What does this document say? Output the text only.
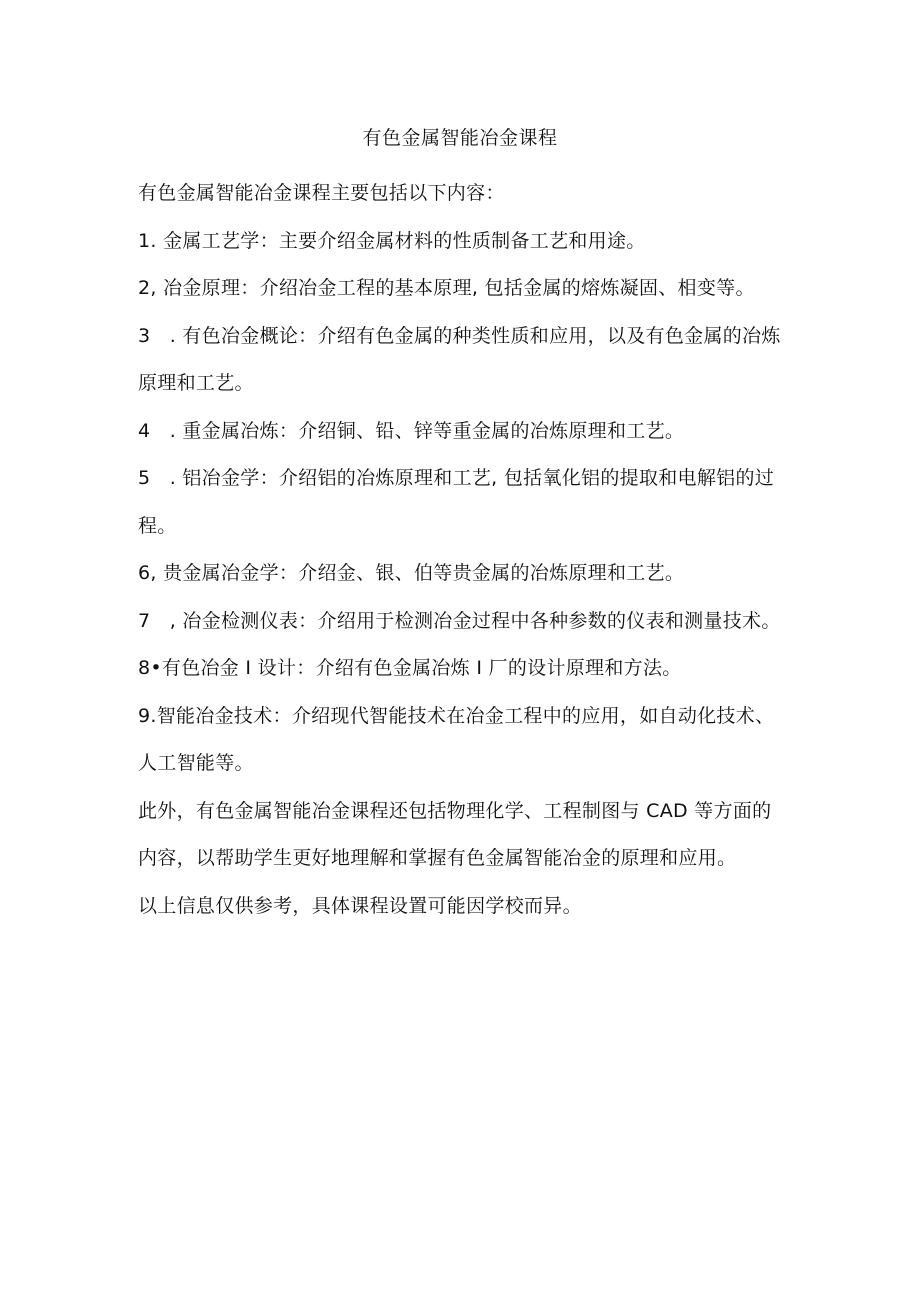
有色金属智能冶金课程

有色金属智能冶金课程主要包括以下内容：

1. 金属工艺学：主要介绍金属材料的性质制备工艺和用途。

2, 冶金原理：介绍冶金工程的基本原理, 包括金属的熔炼凝固、相变等。

3　. 有色冶金概论：介绍有色金属的种类性质和应用，以及有色金属的冶炼

原理和工艺。

4　. 重金属冶炼：介绍铜、铅、锌等重金属的冶炼原理和工艺。

5　. 铝冶金学：介绍铝的冶炼原理和工艺, 包括氧化铝的提取和电解铝的过

程。

6, 贵金属冶金学：介绍金、银、伯等贵金属的冶炼原理和工艺。

7　, 冶金检测仪表：介绍用于检测冶金过程中各种参数的仪表和测量技术。

8•有色冶金 I 设计：介绍有色金属冶炼 I 厂的设计原理和方法。

9.智能冶金技术：介绍现代智能技术在冶金工程中的应用，如自动化技术、

人工智能等。

此外，有色金属智能冶金课程还包括物理化学、工程制图与 CAD 等方面的

内容，以帮助学生更好地理解和掌握有色金属智能冶金的原理和应用。

以上信息仅供参考，具体课程设置可能因学校而异。
